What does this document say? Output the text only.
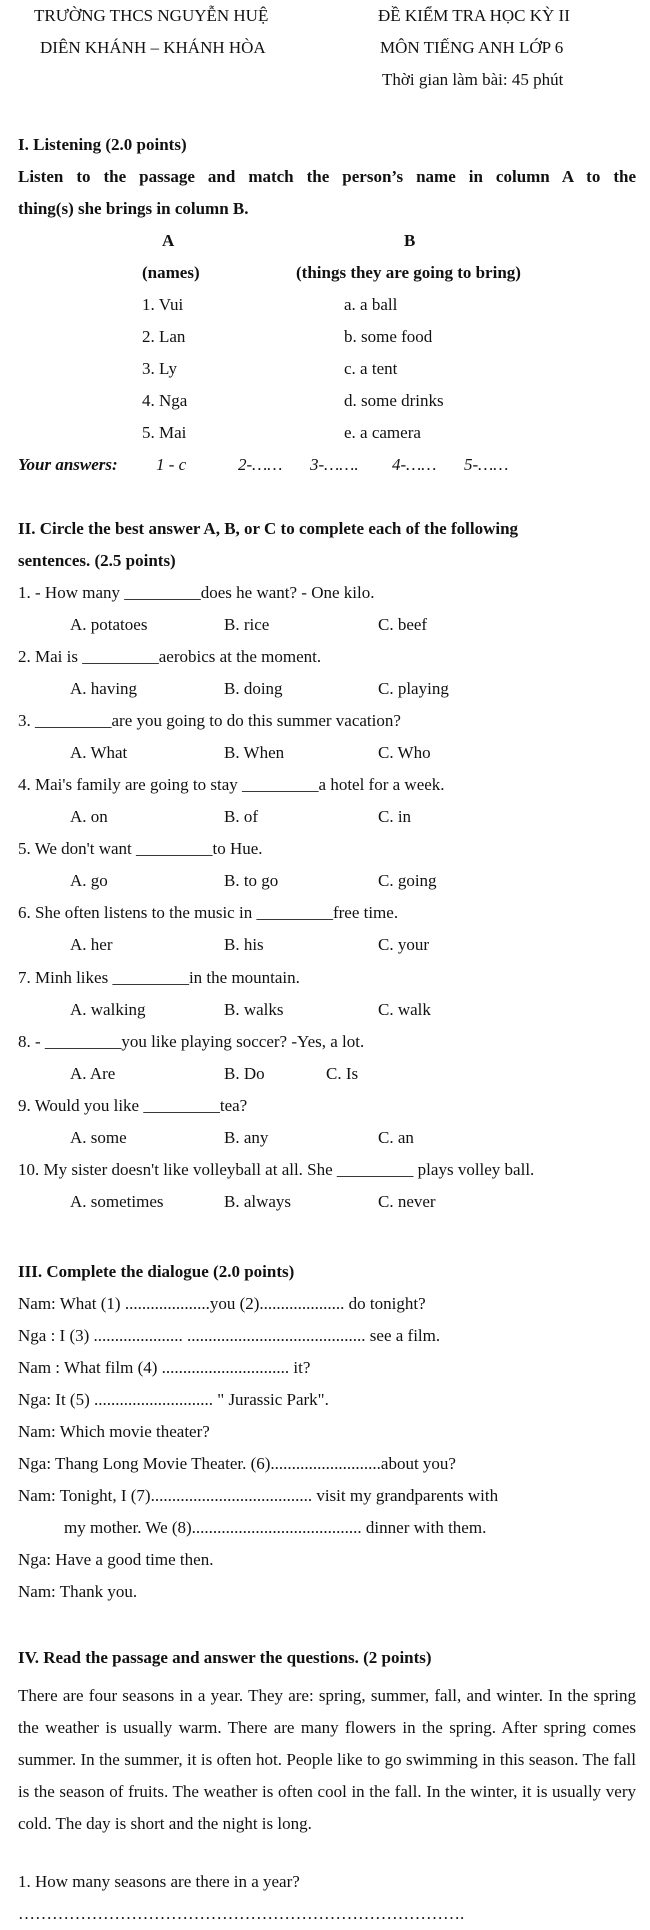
TRƯỜNG THCS NGUYỄN HUỆ
DIÊN KHÁNH – KHÁNH HÒA
ĐỀ KIỂM TRA HỌC KỲ II
MÔN TIẾNG ANH LỚP 6
Thời gian làm bài: 45 phút
I. Listening (2.0 points)
Listen to the passage and match the person’s name in column A to the
thing(s) she brings in column B.
A	B
(names)	(things they are going to bring)
1. Vui	a. a ball
2. Lan	b. some food
3. Ly	c. a tent
4. Nga	d. some drinks
5. Mai	e. a camera
Your answers: 1 - c	2-…… 3-……. 4-…… 5-……
II. Circle the best answer A, B, or C to complete each of the following
sentences. (2.5 points)
1. - How many _________does he want? - One kilo.
A. potatoes	B. rice	C. beef
2. Mai is _________aerobics at the moment.
A. having	B. doing	C. playing
3. _________are you going to do this summer vacation?
A. What	B. When	C. Who
4. Mai's family are going to stay _________a hotel for a week.
A. on	B. of	C. in
5. We don't want _________to Hue.
A. go	B. to go	C. going
6. She often listens to the music in _________free time.
A. her	B. his	C. your
7. Minh likes _________in the mountain.
A. walking	B. walks	C. walk
8. - _________you like playing soccer? -Yes, a lot.
A. Are	B. Do	C. Is
9. Would you like _________tea?
A. some	B. any	C. an
10. My sister doesn't like volleyball at all. She _________ plays volley ball.
A. sometimes	B. always	C. never
III. Complete the dialogue (2.0 points)
Nam: What (1) ....................you (2).................... do tonight?
Nga : I (3) ..................... .......................................... see a film.
Nam : What film (4) .............................. it?
Nga: It (5) ............................ " Jurassic Park".
Nam: Which movie theater?
Nga: Thang Long Movie Theater. (6)..........................about you?
Nam: Tonight, I (7)...................................... visit my grandparents with
my mother. We (8)........................................ dinner with them.
Nga: Have a good time then.
Nam: Thank you.
IV. Read the passage and answer the questions. (2 points)
There are four seasons in a year. They are: spring, summer, fall, and winter. In the spring the weather is usually warm. There are many flowers in the spring. After spring comes summer. In the summer, it is often hot. People like to go swimming in this season. The fall is the season of fruits. The weather is often cool in the fall. In the winter, it is usually very cold. The day is short and the night is long.
1. How many seasons are there in a year?
…………………………………………………………………….
